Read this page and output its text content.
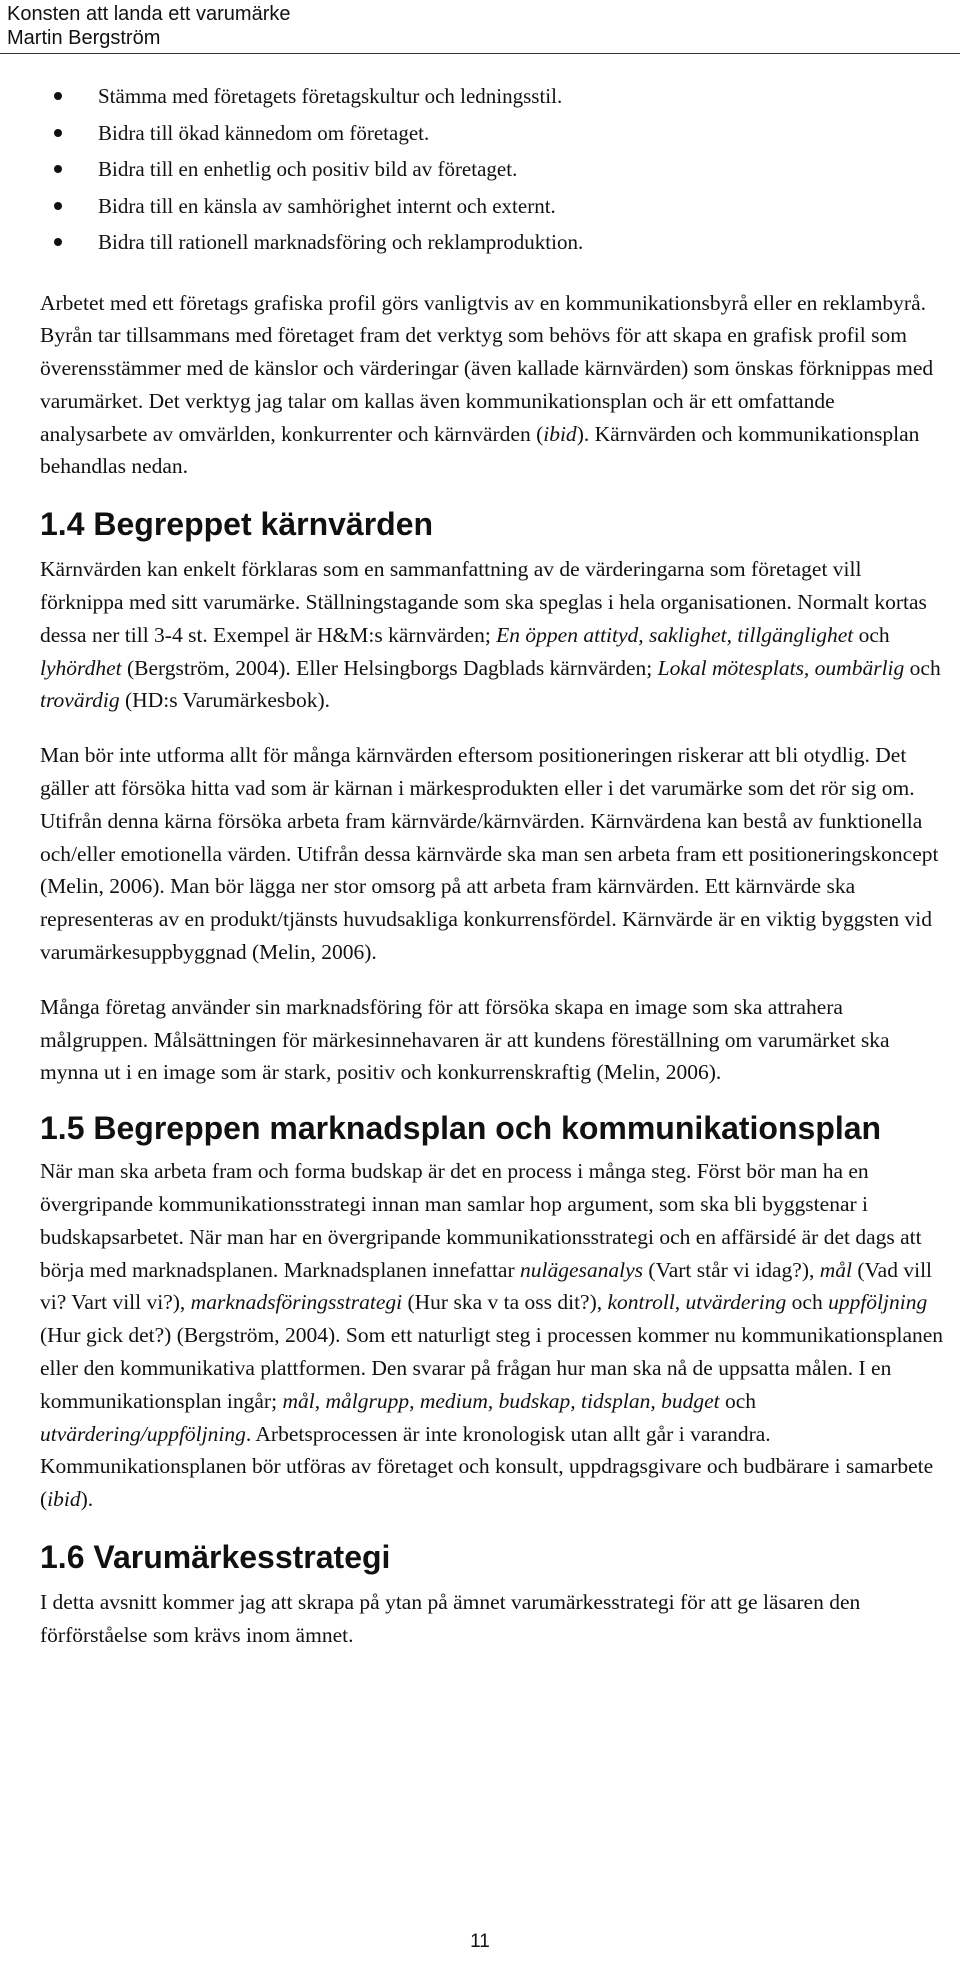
Konsten att landa ett varumärke
Martin Bergström
Stämma med företagets företagskultur och ledningsstil.
Bidra till ökad kännedom om företaget.
Bidra till en enhetlig och positiv bild av företaget.
Bidra till en känsla av samhörighet internt och externt.
Bidra till rationell marknadsföring och reklamproduktion.

Arbetet med ett företags grafiska profil görs vanligtvis av en kommunikationsbyrå eller en reklambyrå. Byrån tar tillsammans med företaget fram det verktyg som behövs för att skapa en grafisk profil som överensstämmer med de känslor och värderingar (även kallade kärnvärden) som önskas förknippas med varumärket. Det verktyg jag talar om kallas även kommunikationsplan och är ett omfattande analysarbete av omvärlden, konkurrenter och kärnvärden (ibid). Kärnvärden och kommunikationsplan behandlas nedan.

1.4 Begreppet kärnvärden

Kärnvärden kan enkelt förklaras som en sammanfattning av de värderingarna som företaget vill förknippa med sitt varumärke. Ställningstagande som ska speglas i hela organisationen. Normalt kortas dessa ner till 3-4 st. Exempel är H&M:s kärnvärden; En öppen attityd, saklighet, tillgänglighet och lyhördhet (Bergström, 2004). Eller Helsingborgs Dagblads kärnvärden; Lokal mötesplats, oumbärlig och trovärdig (HD:s Varumärkesbok).

Man bör inte utforma allt för många kärnvärden eftersom positioneringen riskerar att bli otydlig. Det gäller att försöka hitta vad som är kärnan i märkesprodukten eller i det varumärke som det rör sig om. Utifrån denna kärna försöka arbeta fram kärnvärde/kärnvärden. Kärnvärdena kan bestå av funktionella och/eller emotionella värden. Utifrån dessa kärnvärde ska man sen arbeta fram ett positioneringskoncept (Melin, 2006). Man bör lägga ner stor omsorg på att arbeta fram kärnvärden. Ett kärnvärde ska representeras av en produkt/tjänsts huvudsakliga konkurrensfördel. Kärnvärde är en viktig byggsten vid varumärkesuppbyggnad (Melin, 2006).

Många företag använder sin marknadsföring för att försöka skapa en image som ska attrahera målgruppen. Målsättningen för märkesinnehavaren är att kundens föreställning om varumärket ska mynna ut i en image som är stark, positiv och konkurrenskraftig (Melin, 2006).

1.5 Begreppen marknadsplan och kommunikationsplan

När man ska arbeta fram och forma budskap är det en process i många steg. Först bör man ha en övergripande kommunikationsstrategi innan man samlar hop argument, som ska bli byggstenar i budskapsarbetet. När man har en övergripande kommunikationsstrategi och en affärsidé är det dags att börja med marknadsplanen. Marknadsplanen innefattar nulägesanalys (Vart står vi idag?), mål (Vad vill vi? Vart vill vi?), marknadsföringsstrategi (Hur ska v ta oss dit?), kontroll, utvärdering och uppföljning (Hur gick det?) (Bergström, 2004). Som ett naturligt steg i processen kommer nu kommunikationsplanen eller den kommunikativa plattformen. Den svarar på frågan hur man ska nå de uppsatta målen. I en kommunikationsplan ingår; mål, målgrupp, medium, budskap, tidsplan, budget och utvärdering/uppföljning. Arbetsprocessen är inte kronologisk utan allt går i varandra. Kommunikationsplanen bör utföras av företaget och konsult, uppdragsgivare och budbärare i samarbete (ibid).

1.6 Varumärkesstrategi

I detta avsnitt kommer jag att skrapa på ytan på ämnet varumärkesstrategi för att ge läsaren den förförståelse som krävs inom ämnet.

11
